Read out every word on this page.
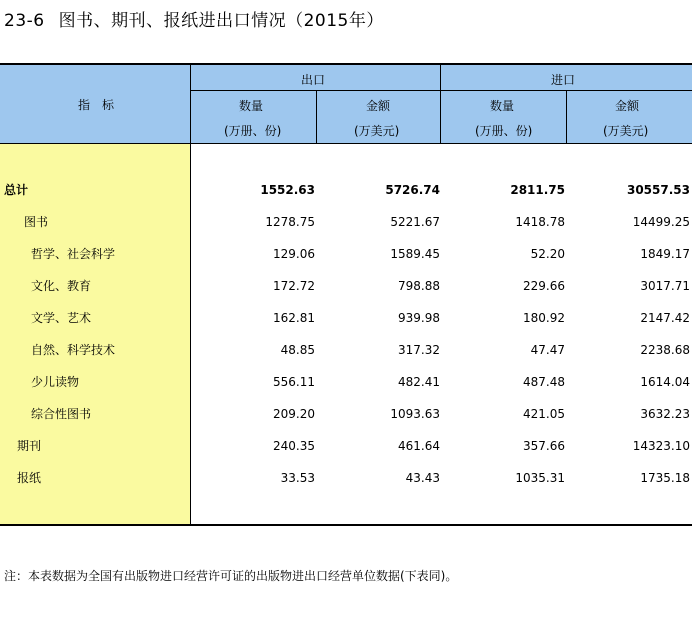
23-6 图书、期刊、报纸进出口情况（2015年）
指　标
出口	进口
数量
(万册、份)
金额
(万美元)
数量
(万册、份)
金额
(万美元)
总计	1552.63	5726.74	2811.75	30557.53
图书	1278.75	5221.67	1418.78	14499.25
哲学、社会科学	129.06	1589.45	52.20	1849.17
文化、教育	172.72	798.88	229.66	3017.71
文学、艺术	162.81	939.98	180.92	2147.42
自然、科学技术	48.85	317.32	47.47	2238.68
少儿读物	556.11	482.41	487.48	1614.04
综合性图书	209.20	1093.63	421.05	3632.23
期刊	240.35	461.64	357.66	14323.10
报纸	33.53	43.43	1035.31	1735.18
注：本表数据为全国有出版物进口经营许可证的出版物进出口经营单位数据(下表同)。
